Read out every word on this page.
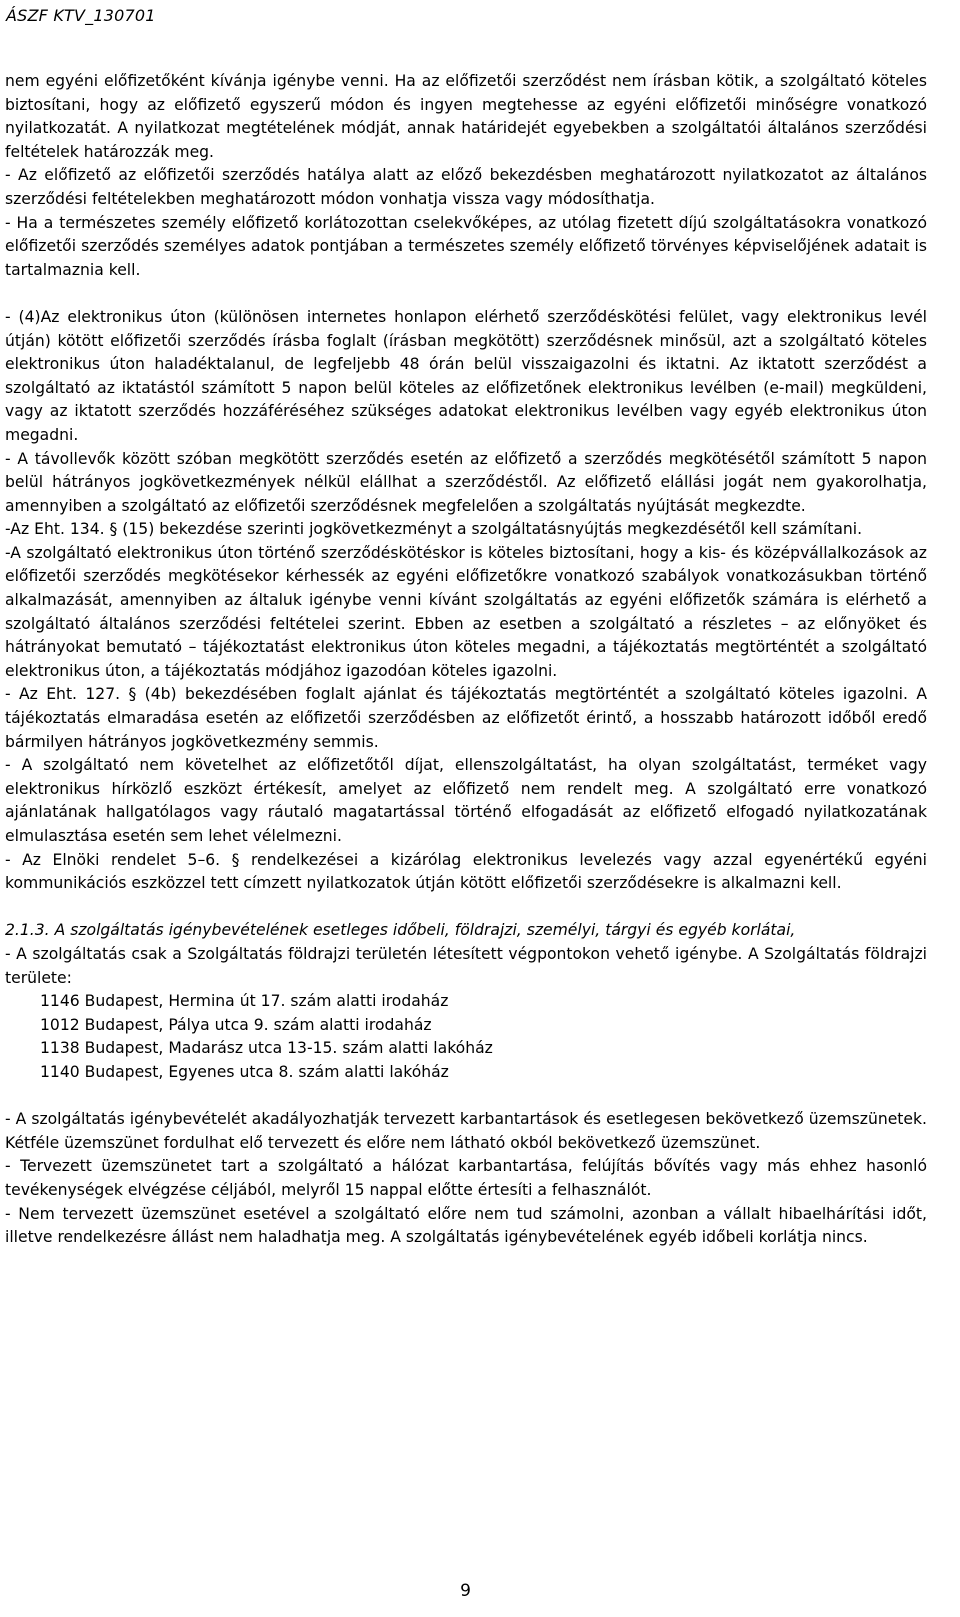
ÁSZF KTV_130701

nem egyéni előfizetőként kívánja igénybe venni. Ha az előfizetői szerződést nem írásban kötik, a szolgáltató köteles biztosítani, hogy az előfizető egyszerű módon és ingyen megtehesse az egyéni előfizetői minőségre vonatkozó nyilatkozatát. A nyilatkozat megtételének módját, annak határidejét egyebekben a szolgáltatói általános szerződési feltételek határozzák meg.

- Az előfizető az előfizetői szerződés hatálya alatt az előző bekezdésben meghatározott nyilatkozatot az általános szerződési feltételekben meghatározott módon vonhatja vissza vagy módosíthatja.

- Ha a természetes személy előfizető korlátozottan cselekvőképes, az utólag fizetett díjú szolgáltatásokra vonatkozó előfizetői szerződés személyes adatok pontjában a természetes személy előfizető törvényes képviselőjének adatait is tartalmaznia kell.

- (4)Az elektronikus úton (különösen internetes honlapon elérhető szerződéskötési felület, vagy elektronikus levél útján) kötött előfizetői szerződés írásba foglalt (írásban megkötött) szerződésnek minősül, azt a szolgáltató köteles elektronikus úton haladéktalanul, de legfeljebb 48 órán belül visszaigazolni és iktatni. Az iktatott szerződést a szolgáltató az iktatástól számított 5 napon belül köteles az előfizetőnek elektronikus levélben (e-mail) megküldeni, vagy az iktatott szerződés hozzáféréséhez szükséges adatokat elektronikus levélben vagy egyéb elektronikus úton megadni.

- A távollevők között szóban megkötött szerződés esetén az előfizető a szerződés megkötésétől számított 5 napon belül hátrányos jogkövetkezmények nélkül elállhat a szerződéstől. Az előfizető elállási jogát nem gyakorolhatja, amennyiben a szolgáltató az előfizetői szerződésnek megfelelően a szolgáltatás nyújtását megkezdte.

-Az Eht. 134. § (15) bekezdése szerinti jogkövetkezményt a szolgáltatásnyújtás megkezdésétől kell számítani.

-A szolgáltató elektronikus úton történő szerződéskötéskor is köteles biztosítani, hogy a kis- és középvállalkozások az előfizetői szerződés megkötésekor kérhessék az egyéni előfizetőkre vonatkozó szabályok vonatkozásukban történő alkalmazását, amennyiben az általuk igénybe venni kívánt szolgáltatás az egyéni előfizetők számára is elérhető a szolgáltató általános szerződési feltételei szerint. Ebben az esetben a szolgáltató a részletes – az előnyöket és hátrányokat bemutató – tájékoztatást elektronikus úton köteles megadni, a tájékoztatás megtörténtét a szolgáltató elektronikus úton, a tájékoztatás módjához igazodóan köteles igazolni.

- Az Eht. 127. § (4b) bekezdésében foglalt ajánlat és tájékoztatás megtörténtét a szolgáltató köteles igazolni. A tájékoztatás elmaradása esetén az előfizetői szerződésben az előfizetőt érintő, a hosszabb határozott időből eredő bármilyen hátrányos jogkövetkezmény semmis.

- A szolgáltató nem követelhet az előfizetőtől díjat, ellenszolgáltatást, ha olyan szolgáltatást, terméket vagy elektronikus hírközlő eszközt értékesít, amelyet az előfizető nem rendelt meg. A szolgáltató erre vonatkozó ajánlatának hallgatólagos vagy ráutaló magatartással történő elfogadását az előfizető elfogadó nyilatkozatának elmulasztása esetén sem lehet vélelmezni.

- Az Elnöki rendelet 5–6. § rendelkezései a kizárólag elektronikus levelezés vagy azzal egyenértékű egyéni kommunikációs eszközzel tett címzett nyilatkozatok útján kötött előfizetői szerződésekre is alkalmazni kell.

2.1.3. A szolgáltatás igénybevételének esetleges időbeli, földrajzi, személyi, tárgyi és egyéb korlátai,

- A szolgáltatás csak a Szolgáltatás földrajzi területén létesített végpontokon vehető igénybe. A Szolgáltatás földrajzi területe:

1146 Budapest, Hermina út 17. szám alatti irodaház
1012 Budapest, Pálya utca 9. szám alatti irodaház
1138 Budapest, Madarász utca 13-15. szám alatti lakóház
1140 Budapest, Egyenes utca 8. szám alatti lakóház

- A szolgáltatás igénybevételét akadályozhatják tervezett karbantartások és esetlegesen bekövetkező üzemszünetek. Kétféle üzemszünet fordulhat elő tervezett és előre nem látható okból bekövetkező üzemszünet.

- Tervezett üzemszünetet tart a szolgáltató a hálózat karbantartása, felújítás bővítés vagy más ehhez hasonló tevékenységek elvégzése céljából, melyről 15 nappal előtte értesíti a felhasználót.

- Nem tervezett üzemszünet esetével a szolgáltató előre nem tud számolni, azonban a vállalt hibaelhárítási időt, illetve rendelkezésre állást nem haladhatja meg. A szolgáltatás igénybevételének egyéb időbeli korlátja nincs.

9
